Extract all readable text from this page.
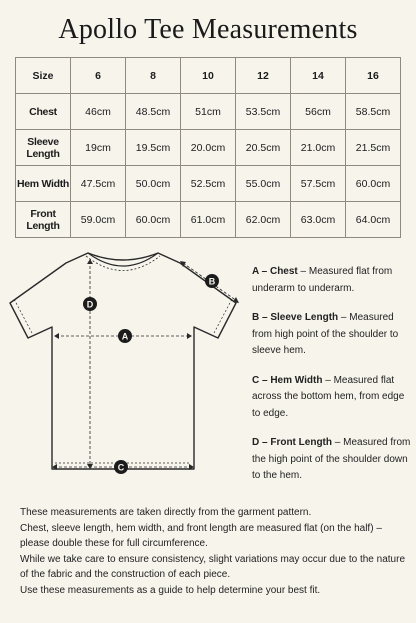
Apollo Tee Measurements
Size	6	8	10	12	14	16
Chest	46cm	48.5cm	51cm	53.5cm	56cm	58.5cm
Sleeve Length	19cm	19.5cm	20.0cm	20.5cm	21.0cm	21.5cm
Hem Width	47.5cm	50.0cm	52.5cm	55.0cm	57.5cm	60.0cm
Front Length	59.0cm	60.0cm	61.0cm	62.0cm	63.0cm	64.0cm
D
A
B
C
A – Chest – Measured flat from underarm to underarm.
B – Sleeve Length – Measured from high point of the shoulder to sleeve hem.
C – Hem Width – Measured flat across the bottom hem, from edge to edge.
D – Front Length – Measured from the high point of the shoulder down to the hem.

These measurements are taken directly from the garment pattern.

Chest, sleeve length, hem width, and front length are measured flat (on the half) – please double these for full circumference.

While we take care to ensure consistency, slight variations may occur due to the nature of the fabric and the construction of each piece.

Use these measurements as a guide to help determine your best fit.
